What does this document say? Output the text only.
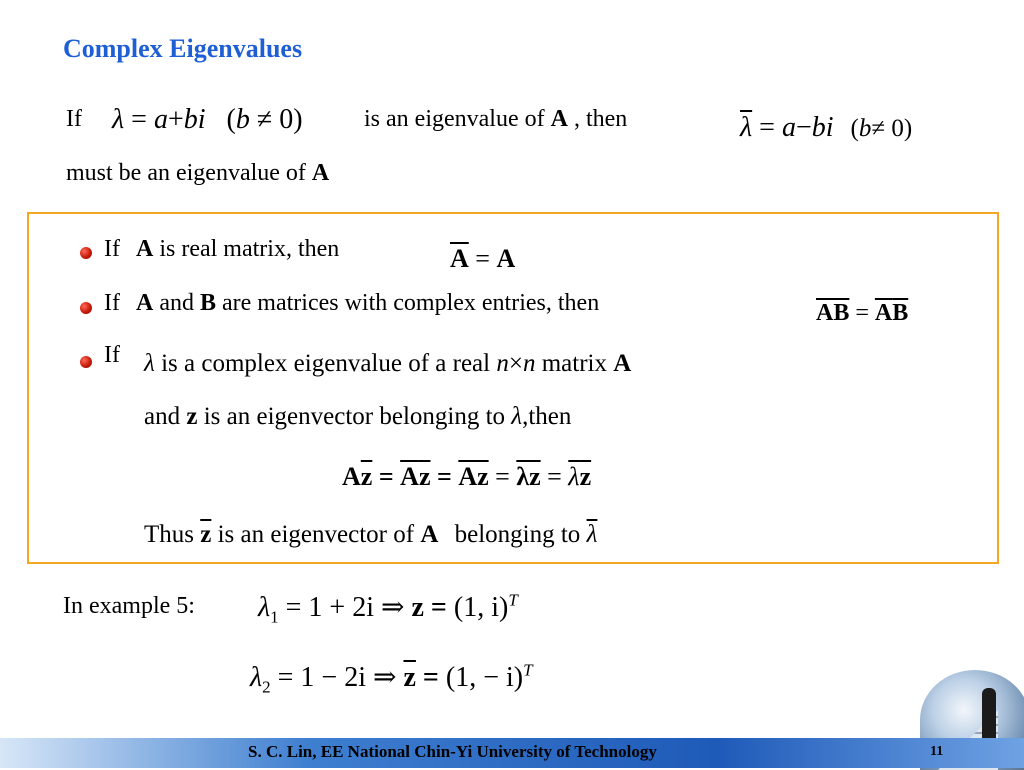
Complex Eigenvalues
If λ = a+bi (b ≠ 0)	is an eigenvalue of A , then	$\overline{\lambda} = a-bi$ (b≠ 0)
must be an eigenvalue of A
If A is real matrix, then	$\overline{A} = A$
If A and B are matrices with complex entries, then	$\overline{AB} = \overline{A}\overline{B}$
If λ is a complex eigenvalue of a real n×n matrix A
and z is an eigenvector belonging to λ,then
$A\overline{z} = \overline{A}\overline{z} = \overline{Az} = \overline{\lambda z} = \overline{\lambda}\overline{z}$
Thus $\overline{z}$ is an eigenvector of A belonging to $\overline{\lambda}$
In example 5: $\lambda_1 = 1 + 2i$ ⇒ z = (1, i)$^T$
$\lambda_2 = 1 - 2i$ ⇒ $\overline{z} = (1$, − i)$^T$
S. C. Lin, EE National Chin-Yi University of Technology	11
